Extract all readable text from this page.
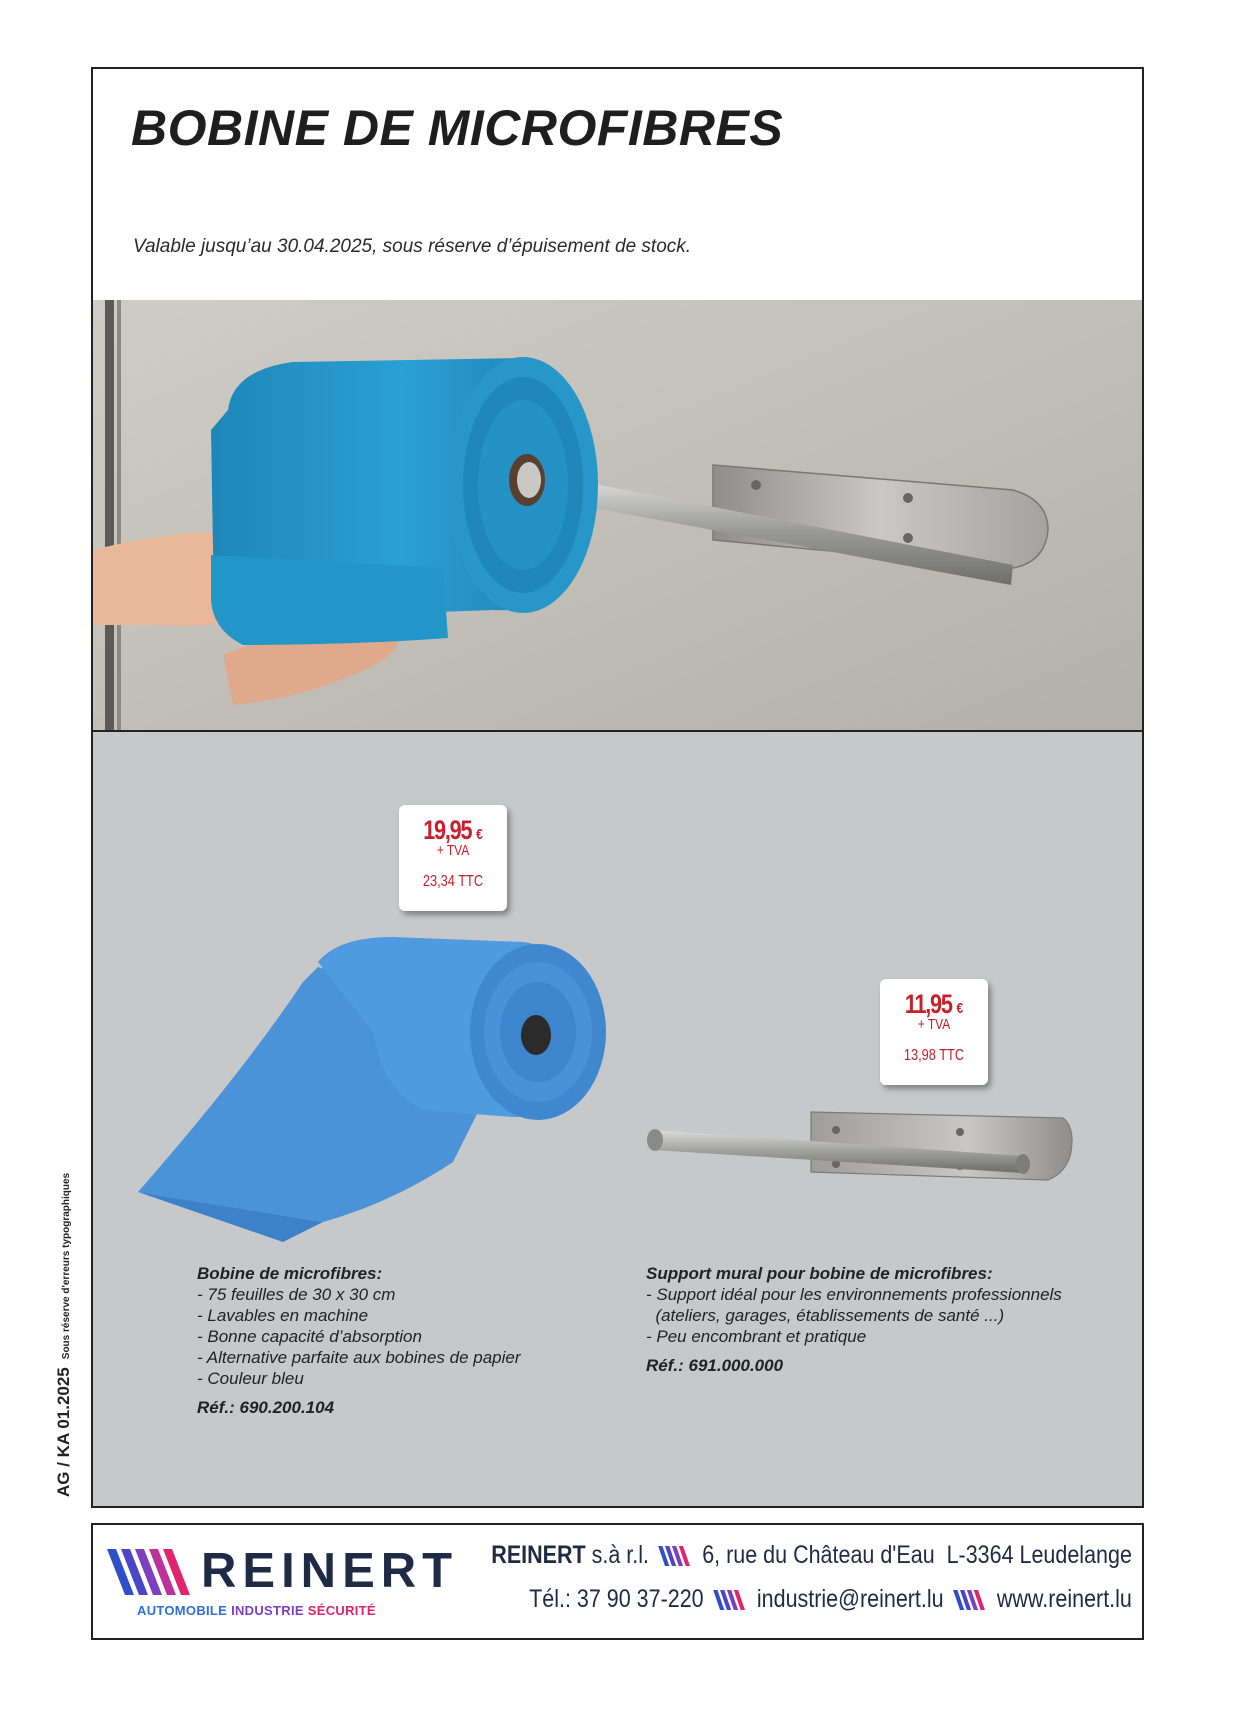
BOBINE DE MICROFIBRES
Valable jusqu’au 30.04.2025, sous réserve d’épuisement de stock.
19,95 €
+ TVA
23,34 TTC
11,95 €
+ TVA
13,98 TTC
Bobine de microfibres:
- 75 feuilles de 30 x 30 cm
- Lavables en machine
- Bonne capacité d’absorption
- Alternative parfaite aux bobines de papier
- Couleur bleu
Réf.: 690.200.104
Support mural pour bobine de microfibres:
- Support idéal pour les environnements professionnels
(ateliers, garages, établissements de santé ...)
- Peu encombrant et pratique
Réf.: 691.000.000
AG / KA 01.2025Sous réserve d'erreurs typographiques
REINERT
AUTOMOBILE INDUSTRIE SÉCURITÉ
REINERT s.à r.l. 6, rue du Château d'Eau  L-3364 Leudelange
Tél.: 37 90 37-220 industrie@reinert.lu www.reinert.lu
